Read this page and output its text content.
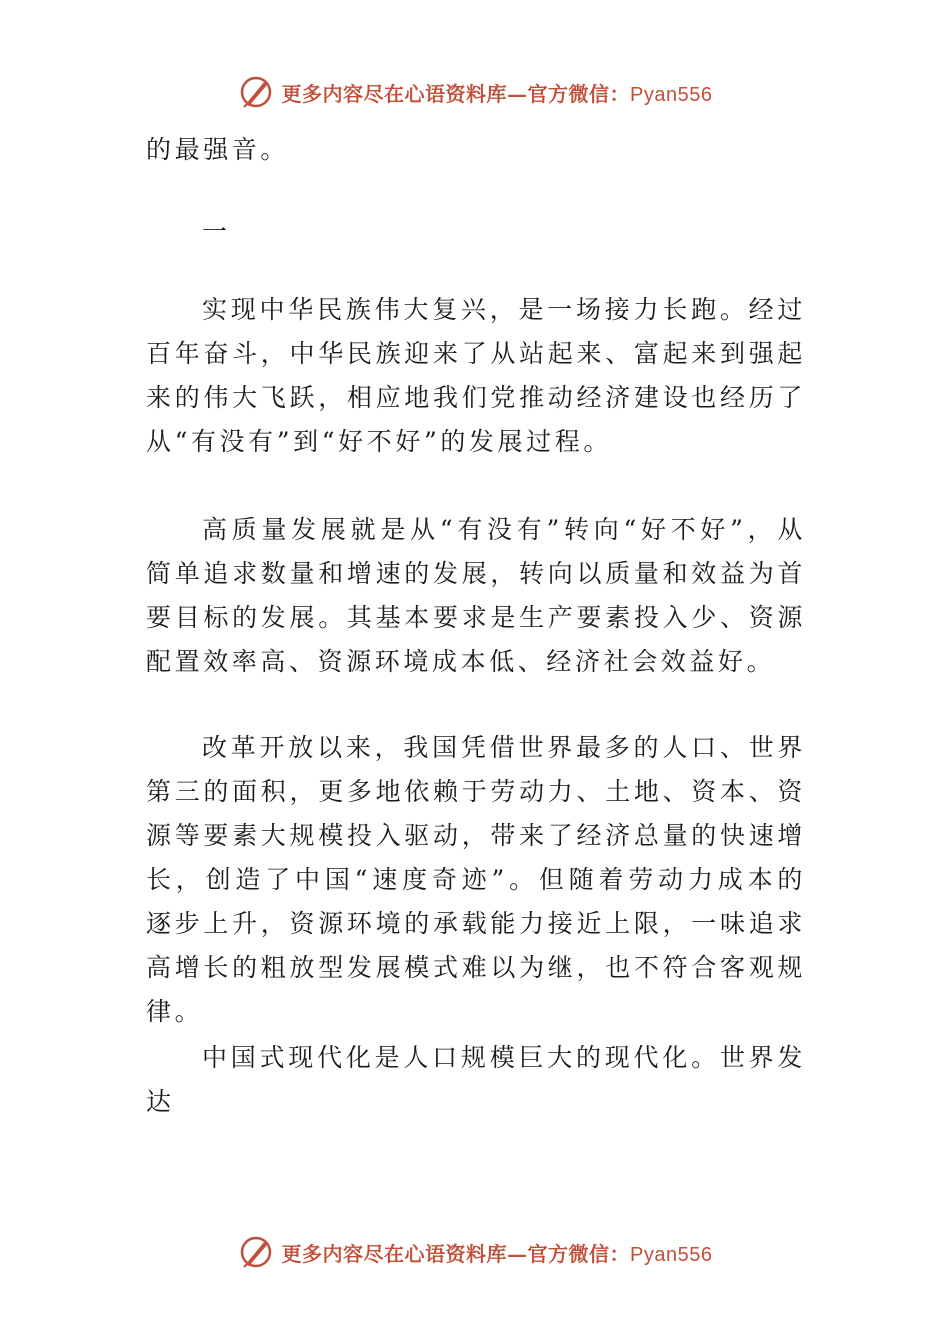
更多内容尽在心语资料库—官方微信：Pyan556
的最强音。
一

实现中华民族伟大复兴，是一场接力长跑。经过百年奋斗，中华民族迎来了从站起来、富起来到强起来的伟大飞跃，相应地我们党推动经济建设也经历了从“有没有”到“好不好”的发展过程。

高质量发展就是从“有没有”转向“好不好”，从简单追求数量和增速的发展，转向以质量和效益为首要目标的发展。其基本要求是生产要素投入少、资源配置效率高、资源环境成本低、经济社会效益好。

改革开放以来，我国凭借世界最多的人口、世界第三的面积，更多地依赖于劳动力、土地、资本、资源等要素大规模投入驱动，带来了经济总量的快速增长，创造了中国“速度奇迹”。但随着劳动力成本的逐步上升，资源环境的承载能力接近上限，一味追求高增长的粗放型发展模式难以为继，也不符合客观规律。

中国式现代化是人口规模巨大的现代化。世界发达

更多内容尽在心语资料库—官方微信：Pyan556
